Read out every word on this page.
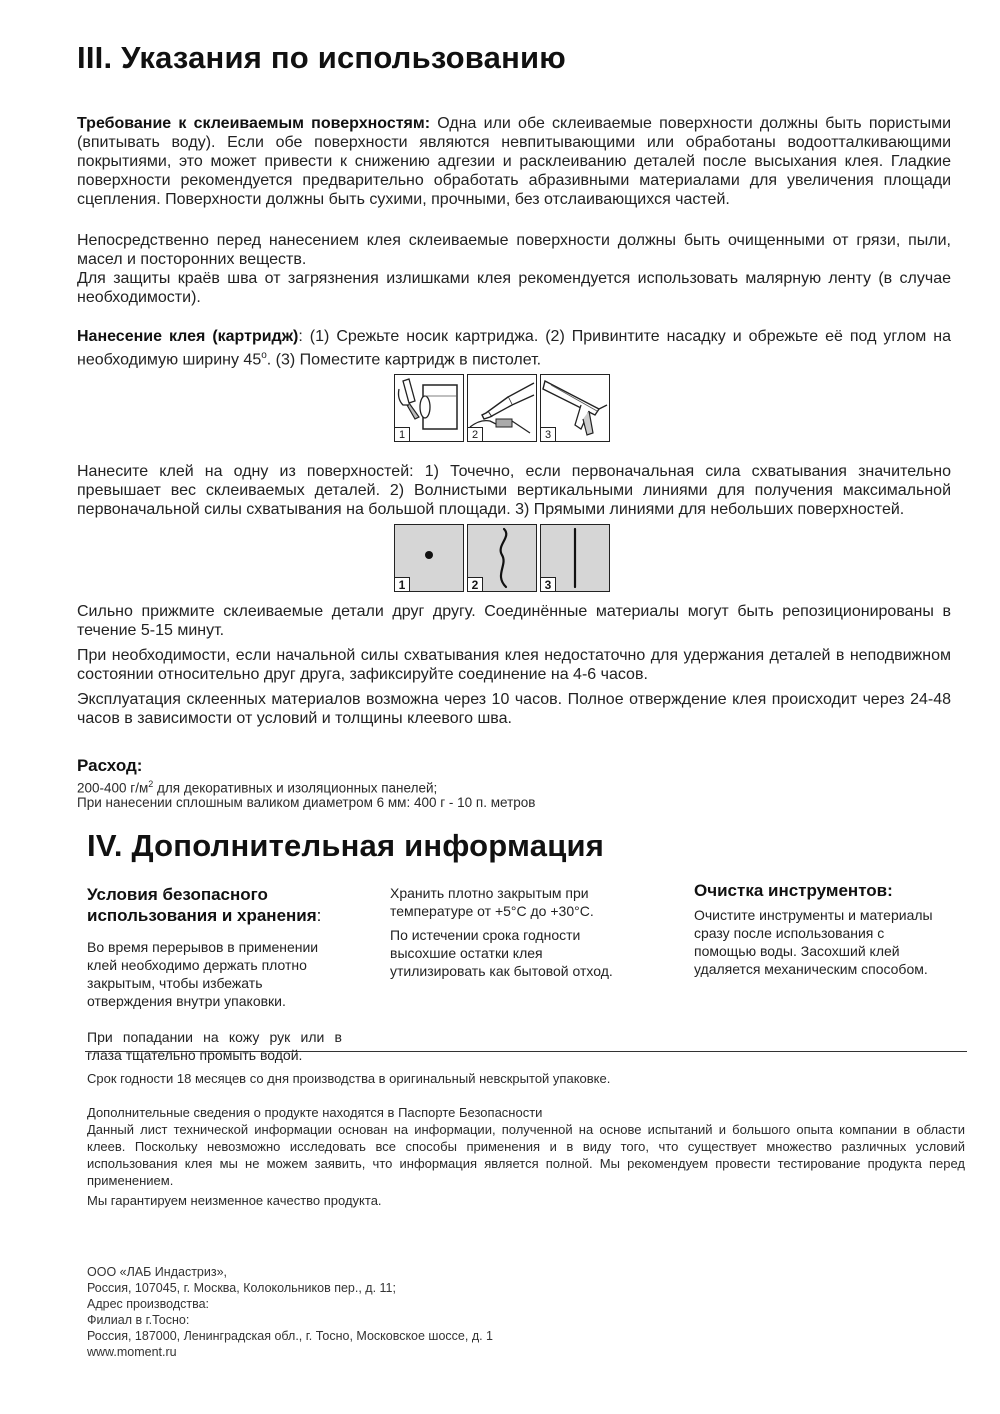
III. Указания по использованию

Требование к склеиваемым поверхностям: Одна или обе склеиваемые поверхности должны быть пористыми (впитывать воду). Если обе поверхности являются невпитывающими или обработаны водоотталкивающими покрытиями, это может привести к снижению адгезии и расклеиванию деталей после высыхания клея. Гладкие поверхности рекомендуется предварительно обработать абразивными материалами для увеличения площади сцепления. Поверхности должны быть сухими, прочными, без отслаивающихся частей.

Непосредственно перед нанесением клея склеиваемые поверхности должны быть очищенными от грязи, пыли, масел и посторонних веществ.

Для защиты краёв шва от загрязнения излишками клея рекомендуется использовать малярную ленту (в случае необходимости).

Нанесение клея (картридж): (1) Срежьте носик картриджа. (2) Привинтите насадку и обрежьте её под углом на необходимую ширину $45^о$. (3) Поместите картридж в пистолет.

1	2	3

Нанесите клей на одну из поверхностей: 1) Точечно, если первоначальная сила схватывания значительно превышает вес склеиваемых деталей. 2) Волнистыми вертикальными линиями для получения максимальной первоначальной силы схватывания на большой площади. 3) Прямыми линиями для небольших поверхностей.

1	2	3

Сильно прижмите склеиваемые детали друг другу. Соединённые материалы могут быть репозиционированы в течение 5-15 минут.

При необходимости, если начальной силы схватывания клея недостаточно для удержания деталей в неподвижном состоянии относительно друг друга, зафиксируйте соединение на 4-6 часов.

Эксплуатация склеенных материалов возможна через 10 часов. Полное отверждение клея происходит через 24-48 часов в зависимости от условий и толщины клеевого шва.

Расход:
200-400 $г/м^2$ для декоративных и изоляционных панелей;
При нанесении сплошным валиком диаметром 6 мм: 400 г - 10 п. метров
IV. Дополнительная информация
Условия безопасного использования и хранения:

Во время перерывов в применении клей необходимо держать плотно закрытым, чтобы избежать отверждения внутри упаковки.

При попадании на кожу рук или в глаза тщательно промыть водой.

Хранить плотно закрытым при температуре от +5°С до +30°С.

По истечении срока годности высохшие остатки клея утилизировать как бытовой отход.

Очистка инструментов:

Очистите инструменты и материалы сразу после использования с помощью воды. Засохший клей удаляется механическим способом.

Срок годности 18 месяцев со дня производства в оригинальный невскрытой упаковке.
Дополнительные сведения о продукте находятся в Паспорте Безопасности
Данный лист технической информации основан на информации, полученной на основе испытаний и большого опыта компании в области клеев. Поскольку невозможно исследовать все способы применения и в виду того, что существует множество различных условий использования клея мы не можем заявить, что информация является полной. Мы рекомендуем провести тестирование продукта перед применением.
Мы гарантируем неизменное качество продукта.
ООО «ЛАБ Индастриз»,
Россия, 107045, г. Москва, Колокольников пер., д. 11;
Адрес производства:
Филиал в г.Тосно:
Россия, 187000, Ленинградская обл., г. Тосно, Московское шоссе, д. 1
www.moment.ru
